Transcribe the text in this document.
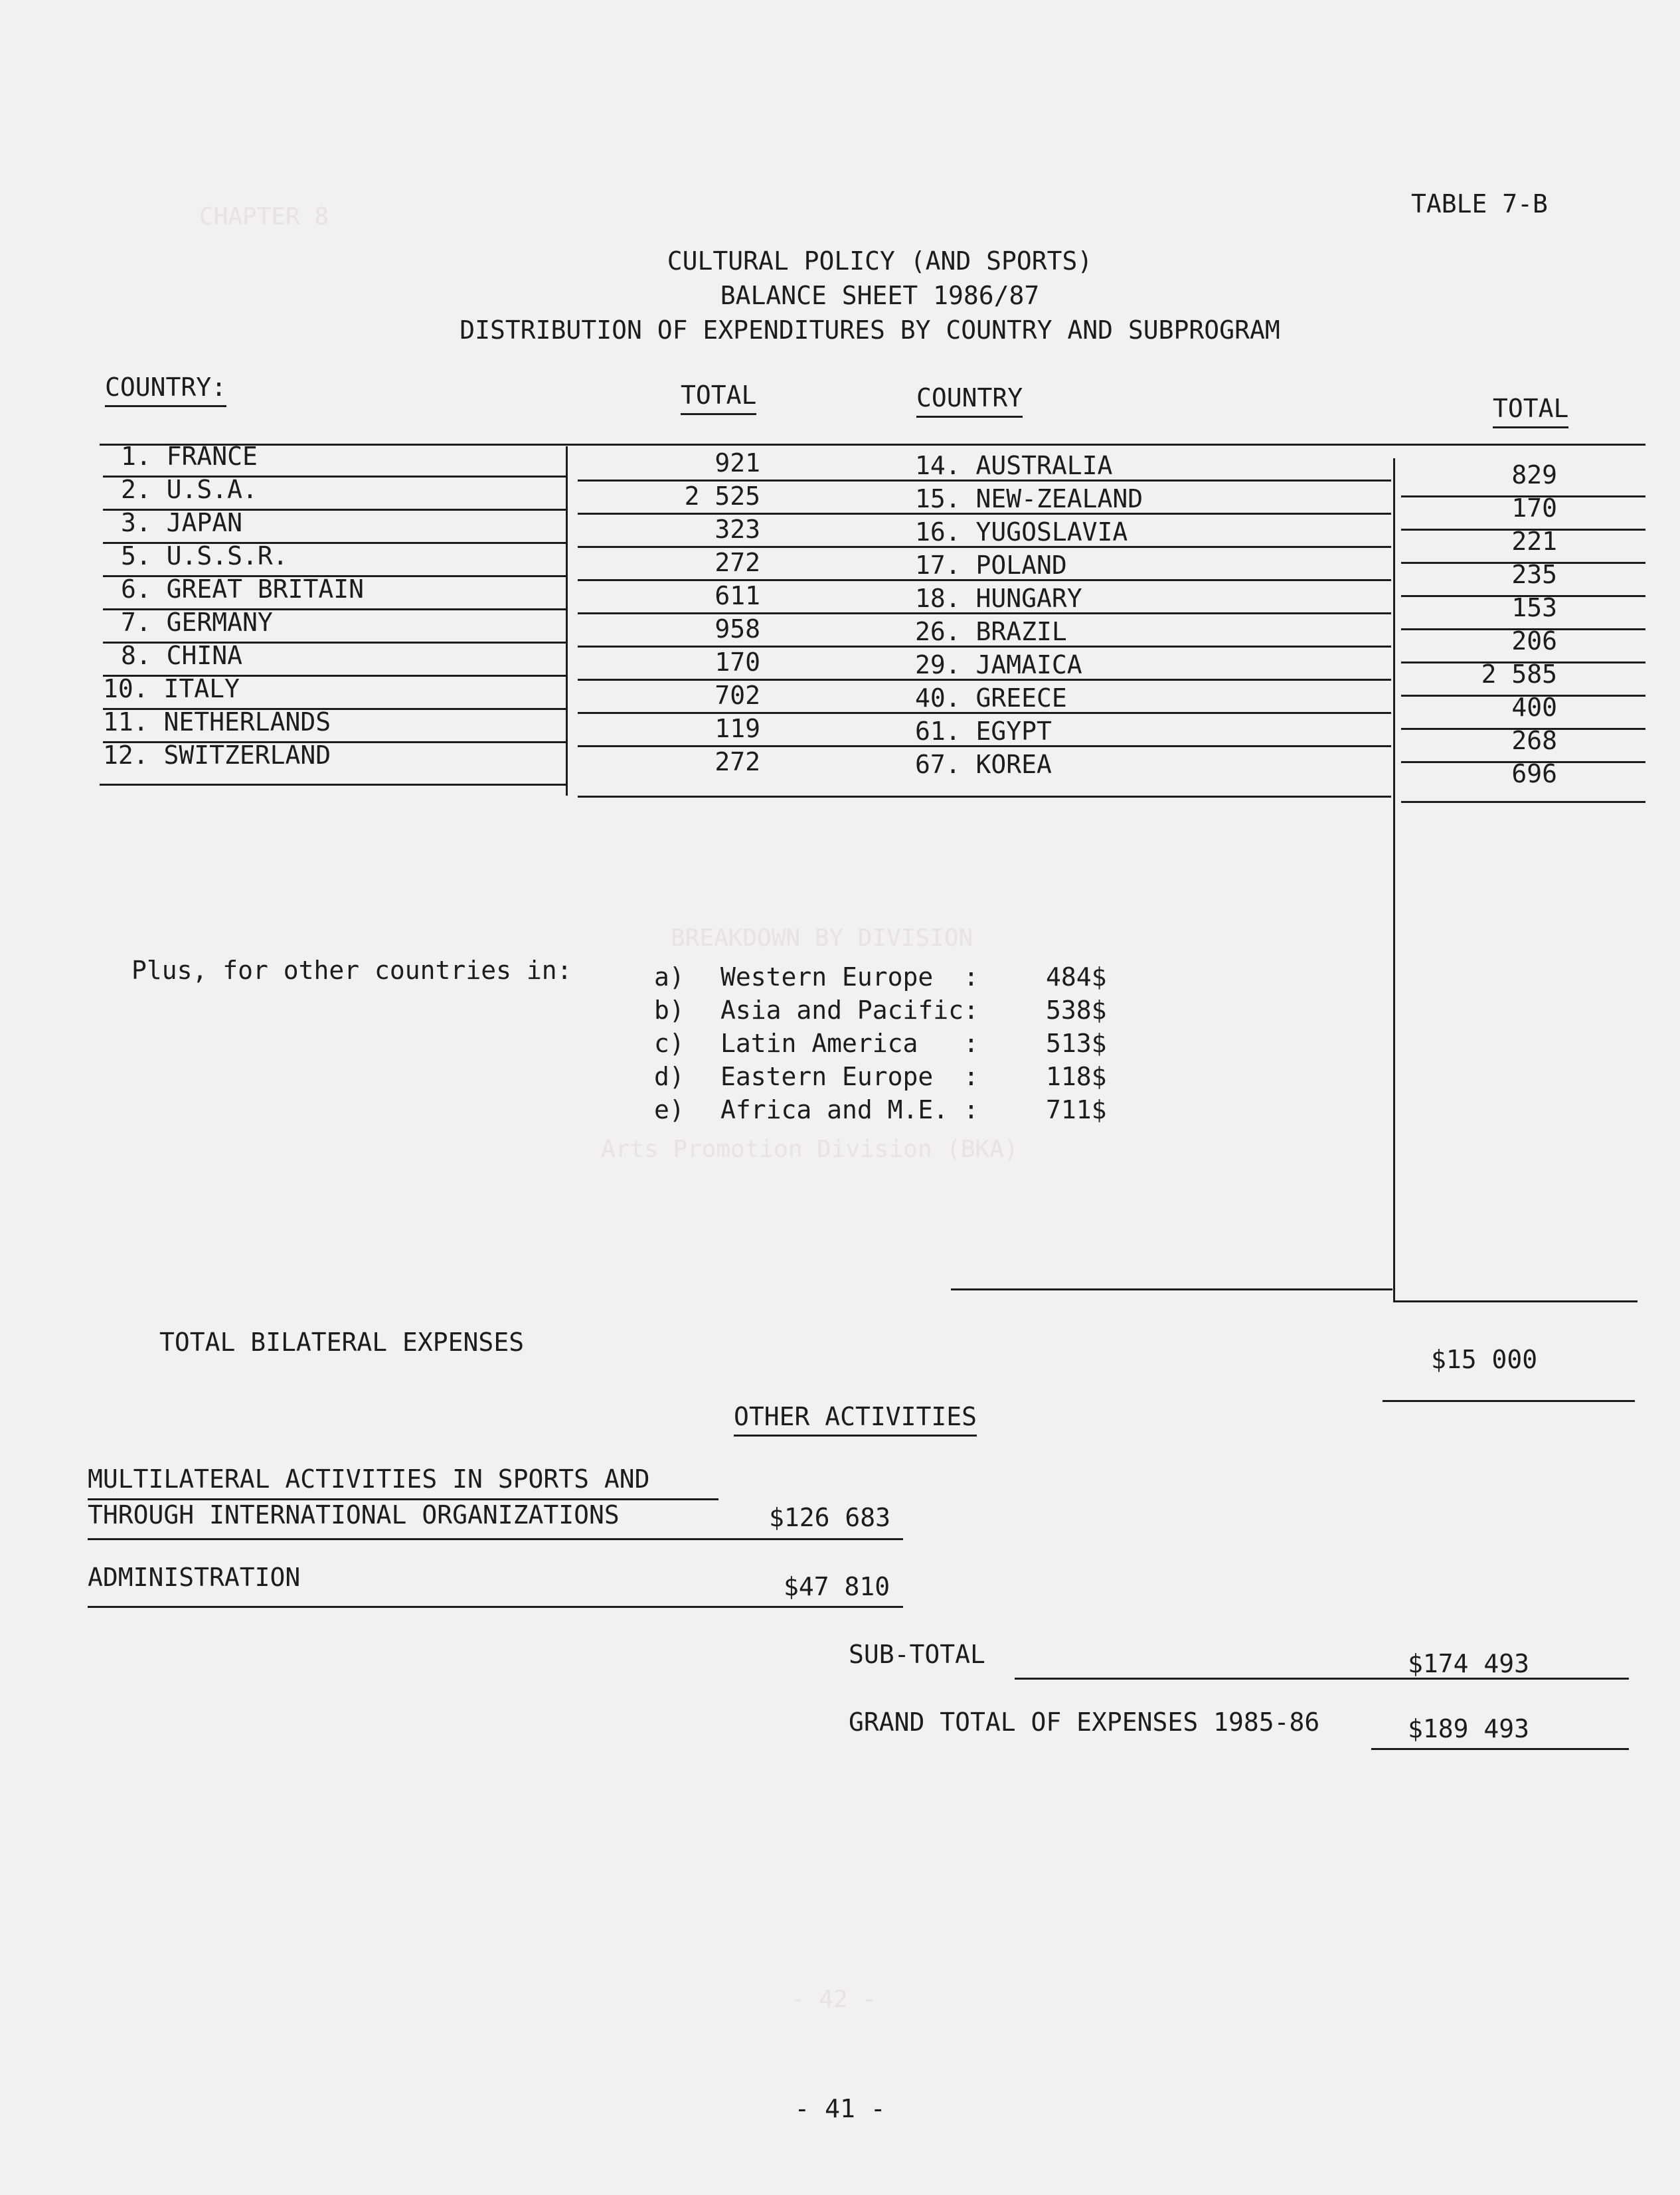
CHAPTER 8
BREAKDOWN BY DIVISION
Arts Promotion Division (BKA)
- 42 -
TABLE 7-B
CULTURAL POLICY (AND SPORTS)
BALANCE SHEET 1986/87
DISTRIBUTION OF EXPENDITURES BY COUNTRY AND SUBPROGRAM
COUNTRY:	TOTAL	COUNTRY	TOTAL
1. FRANCE	921
2. U.S.A.	2 525
3. JAPAN	323
5. U.S.S.R.	272
6. GREAT BRITAIN	611
7. GERMANY	958
8. CHINA	170
10. ITALY	702
11. NETHERLANDS	119
12. SWITZERLAND	272
14. AUSTRALIA	829
15. NEW-ZEALAND	170
16. YUGOSLAVIA	221
17. POLAND	235
18. HUNGARY	153
26. BRAZIL	206
29. JAMAICA	2 585
40. GREECE	400
61. EGYPT	268
67. KOREA	696
Plus, for other countries in:	a) Western Europe  :	484$
b) Asia and Pacific:	538$
c) Latin America   :	513$
d) Eastern Europe  :	118$
e) Africa and M.E. :	711$
TOTAL BILATERAL EXPENSES
$15 000
OTHER ACTIVITIES
MULTILATERAL ACTIVITIES IN SPORTS AND
THROUGH INTERNATIONAL ORGANIZATIONS	$126 683
ADMINISTRATION	$47 810
SUB-TOTAL	$174 493
GRAND TOTAL OF EXPENSES 1985-86	$189 493
- 41 -
